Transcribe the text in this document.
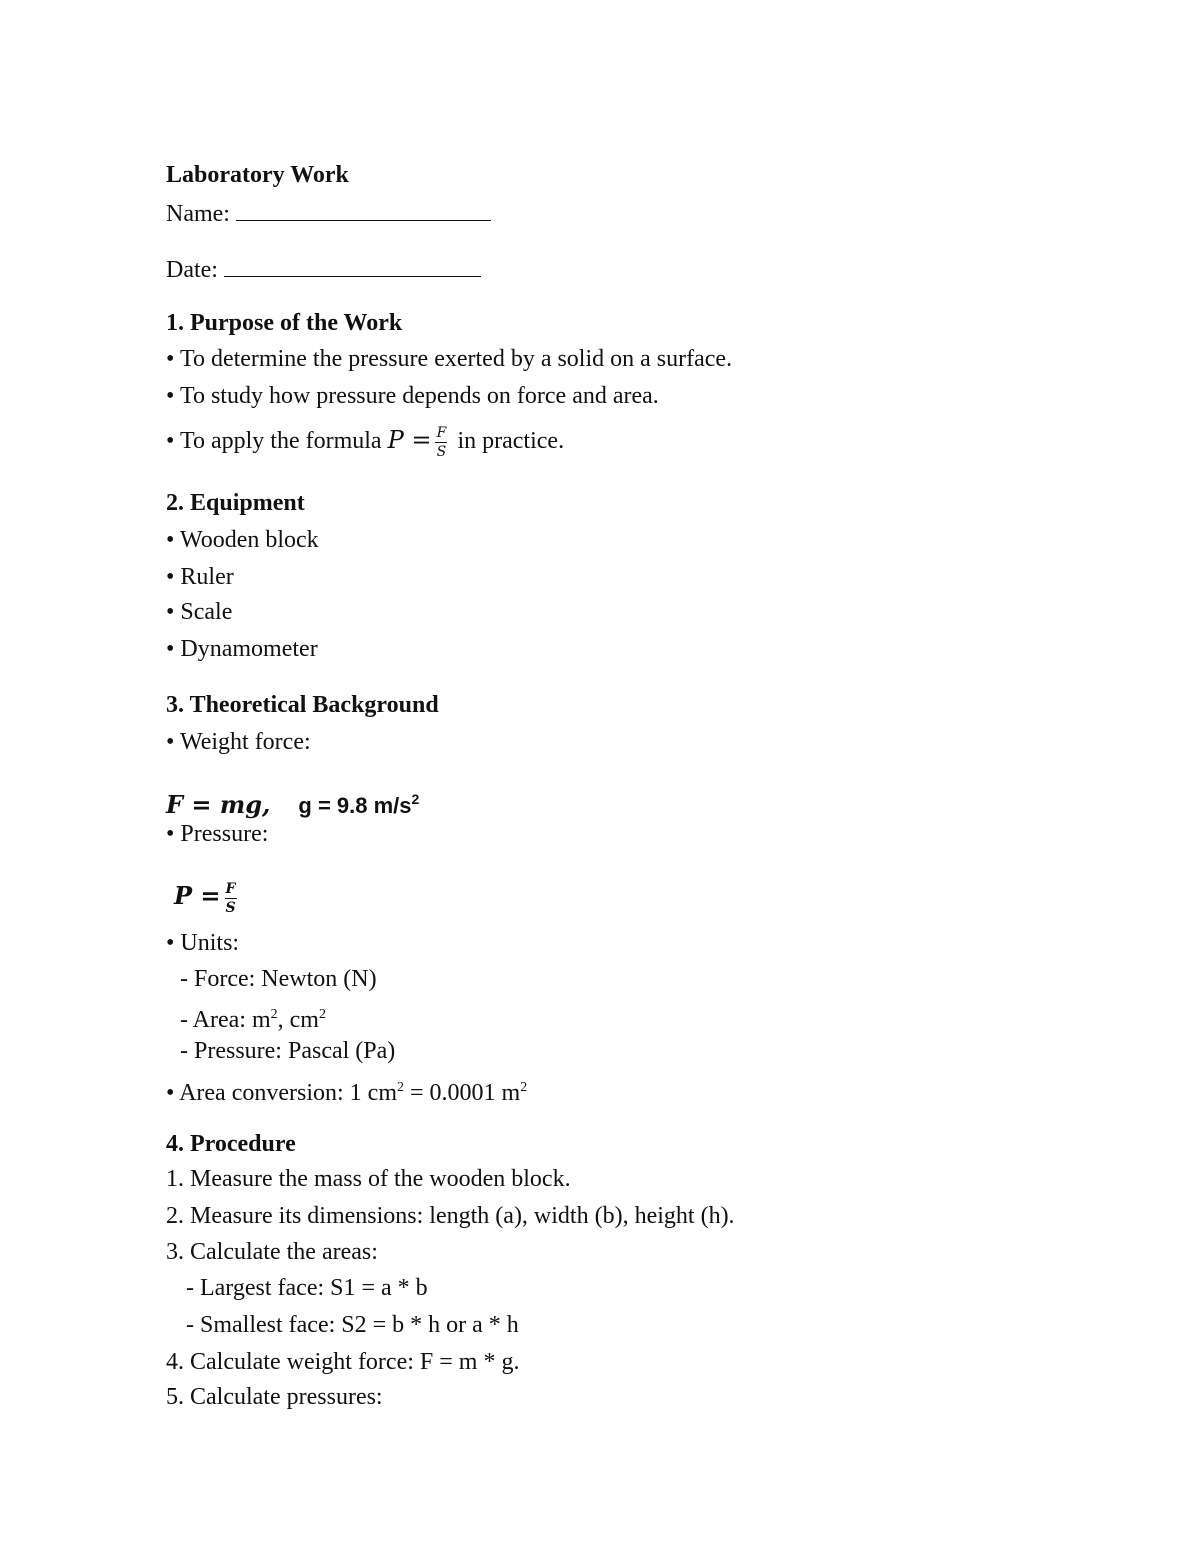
Laboratory Work
Name:
Date:
1. Purpose of the Work
• To determine the pressure exerted by a solid on a surface.
• To study how pressure depends on force and area.
• To apply the formula $P = \frac{F}{S}$ in practice.
2. Equipment
• Wooden block
• Ruler
• Scale
• Dynamometer
3. Theoretical Background
• Weight force:
F = mg, g = 9.8 $m/s^2$
• Pressure:
$P = \frac{F}{S}$
• Units:
- Force: Newton (N)
- Area: $m^2$, $cm^2$
- Pressure: Pascal (Pa)
• Area conversion: 1 $cm^2 = 0.0001$ $m^2$
4. Procedure
1. Measure the mass of the wooden block.
2. Measure its dimensions: length (a), width (b), height (h).
3. Calculate the areas:
- Largest face: S1 = a * b
- Smallest face: S2 = b * h or a * h
4. Calculate weight force: F = m * g.
5. Calculate pressures:
